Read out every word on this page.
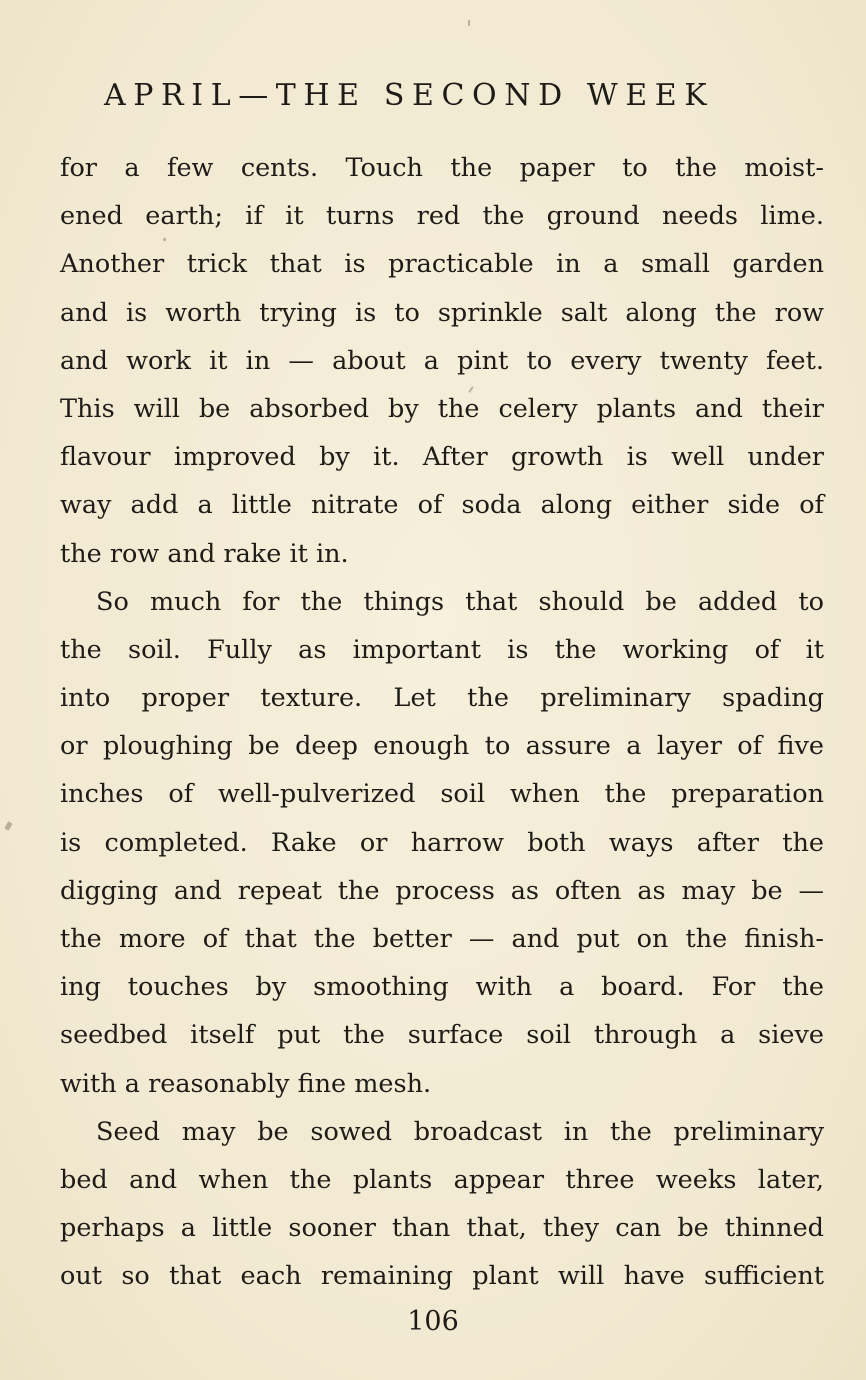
APRIL—THE SECOND WEEK
for a few cents. Touch the paper to the moist-
ened earth; if it turns red the ground needs lime.
Another trick that is practicable in a small garden
and is worth trying is to sprinkle salt along the row
and work it in — about a pint to every twenty feet.
This will be absorbed by the celery plants and their
flavour improved by it. After growth is well under
way add a little nitrate of soda along either side of
the row and rake it in.
So much for the things that should be added to
the soil. Fully as important is the working of it
into proper texture. Let the preliminary spading
or ploughing be deep enough to assure a layer of five
inches of well-pulverized soil when the preparation
is completed. Rake or harrow both ways after the
digging and repeat the process as often as may be —
the more of that the better — and put on the finish-
ing touches by smoothing with a board. For the
seedbed itself put the surface soil through a sieve
with a reasonably fine mesh.
Seed may be sowed broadcast in the preliminary
bed and when the plants appear three weeks later,
perhaps a little sooner than that, they can be thinned
out so that each remaining plant will have sufficient
106
